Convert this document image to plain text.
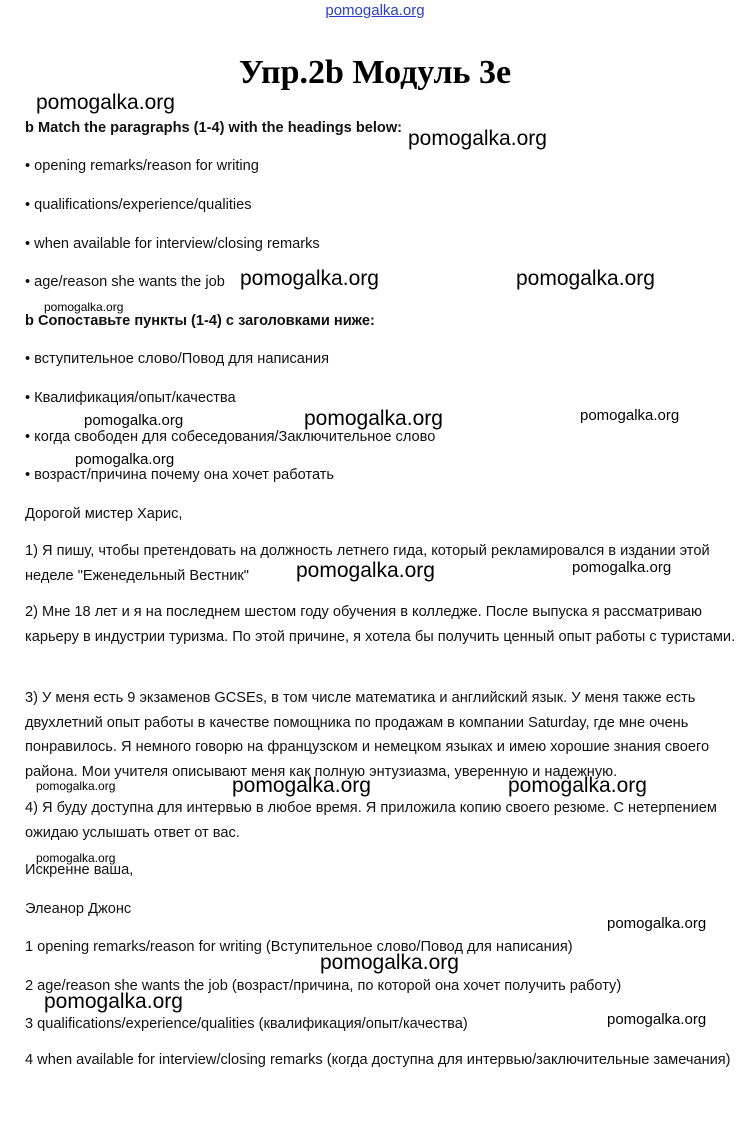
pomogalka.org
Упр.2b Модуль 3е
b Match the paragraphs (1-4) with the headings below:
• opening remarks/reason for writing
• qualifications/experience/qualities
• when available for interview/closing remarks
• age/reason she wants the job
b Сопоставьте пункты (1-4) с заголовками ниже:
• вступительное слово/Повод для написания
• Квалификация/опыт/качества
• когда свободен для собеседования/Заключительное слово
• возраст/причина почему она хочет работать
Дорогой мистер Харис,
1) Я пишу, чтобы претендовать на должность летнего гида, который рекламировался в издании этой неделе "Еженедельный Вестник"
2) Мне 18 лет и я на последнем шестом году обучения в колледже. После выпуска я рассматриваю карьеру в индустрии туризма. По этой причине, я хотела бы получить ценный опыт работы с туристами.
3) У меня есть 9 экзаменов GCSEs, в том числе математика и английский язык. У меня также есть двухлетний опыт работы в качестве помощника по продажам в компании Saturday, где мне очень понравилось. Я немного говорю на французском и немецком языках и имею хорошие знания своего района. Мои учителя описывают меня как полную энтузиазма, уверенную и надежную.
4) Я буду доступна для интервью в любое время. Я приложила копию своего резюме. С нетерпением ожидаю услышать ответ от вас.
Искренне ваша,
Элеанор Джонс
1 opening remarks/reason for writing (Вступительное слово/Повод для написания)
2 age/reason she wants the job (возраст/причина, по которой она хочет получить работу)
3 qualifications/experience/qualities (квалификация/опыт/качества)
4 when available for interview/closing remarks (когда доступна для интервью/заключительные замечания)
pomogalka.org
pomogalka.org
pomogalka.org	pomogalka.org
pomogalka.org
pomogalka.org	pomogalka.org	pomogalka.org
pomogalka.org
pomogalka.org	pomogalka.org
pomogalka.org	pomogalka.org	pomogalka.org
pomogalka.org
pomogalka.org
pomogalka.org
pomogalka.org
pomogalka.org
